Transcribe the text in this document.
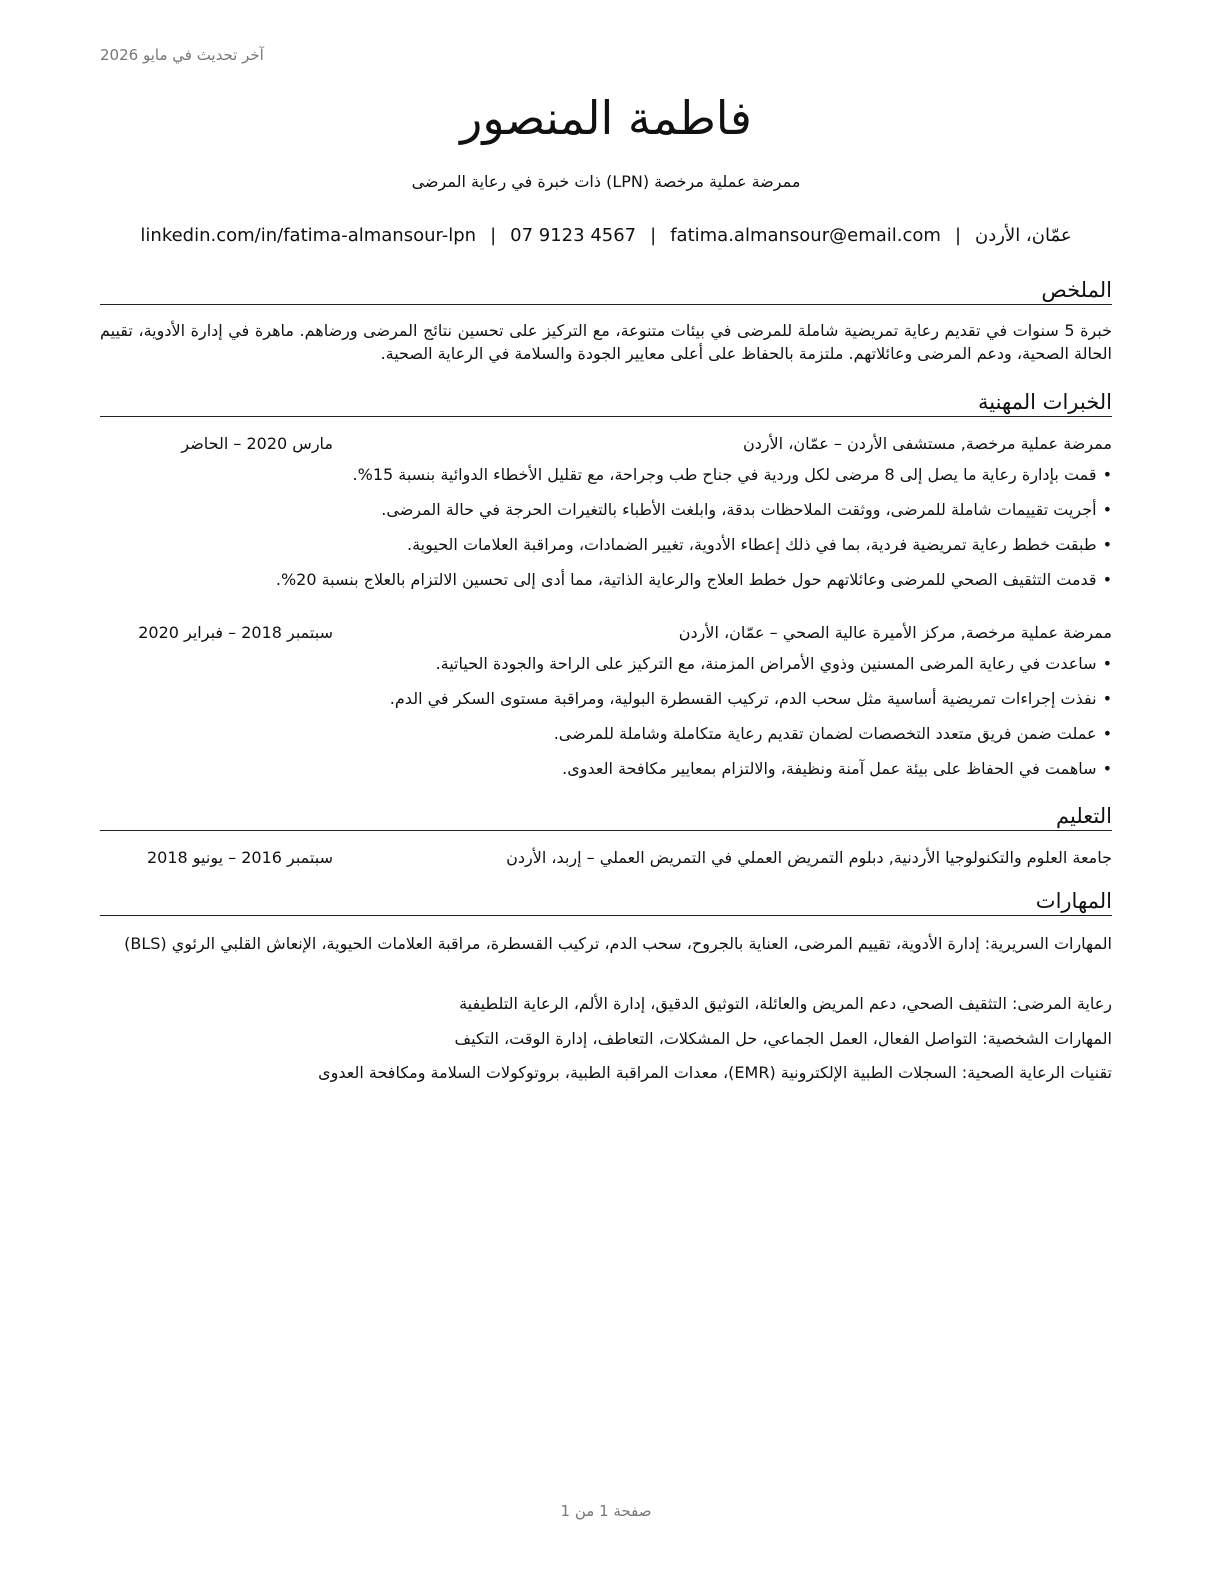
آخر تحديث في مايو 2026
فاطمة المنصور
ممرضة عملية مرخصة (LPN) ذات خبرة في رعاية المرضى
عمّان، الأردن|fatima.almansour@email.com|07 9123 4567|linkedin.com/in/fatima-almansour-lpn
الملخص
خبرة 5 سنوات في تقديم رعاية تمريضية شاملة للمرضى في بيئات متنوعة، مع التركيز على تحسين نتائج المرضى ورضاهم. ماهرة في إدارة الأدوية، تقييم الحالة الصحية، ودعم المرضى وعائلاتهم. ملتزمة بالحفاظ على أعلى معايير الجودة والسلامة في الرعاية الصحية.
الخبرات المهنية
ممرضة عملية مرخصة, مستشفى الأردن – عمّان، الأردن
مارس 2020 – الحاضر
•قمت بإدارة رعاية ما يصل إلى 8 مرضى لكل وردية في جناح طب وجراحة، مع تقليل الأخطاء الدوائية بنسبة 15%.
•أجريت تقييمات شاملة للمرضى، ووثقت الملاحظات بدقة، وابلغت الأطباء بالتغيرات الحرجة في حالة المرضى.
•طبقت خطط رعاية تمريضية فردية، بما في ذلك إعطاء الأدوية، تغيير الضمادات، ومراقبة العلامات الحيوية.
•قدمت التثقيف الصحي للمرضى وعائلاتهم حول خطط العلاج والرعاية الذاتية، مما أدى إلى تحسين الالتزام بالعلاج بنسبة 20%.
ممرضة عملية مرخصة, مركز الأميرة عالية الصحي – عمّان، الأردن
سبتمبر 2018 – فبراير 2020
•ساعدت في رعاية المرضى المسنين وذوي الأمراض المزمنة، مع التركيز على الراحة والجودة الحياتية.
•نفذت إجراءات تمريضية أساسية مثل سحب الدم، تركيب القسطرة البولية، ومراقبة مستوى السكر في الدم.
•عملت ضمن فريق متعدد التخصصات لضمان تقديم رعاية متكاملة وشاملة للمرضى.
•ساهمت في الحفاظ على بيئة عمل آمنة ونظيفة، والالتزام بمعايير مكافحة العدوى.
التعليم
جامعة العلوم والتكنولوجيا الأردنية, دبلوم التمريض العملي في التمريض العملي – إربد، الأردن
سبتمبر 2016 – يونيو 2018
المهارات
المهارات السريرية: إدارة الأدوية، تقييم المرضى، العناية بالجروح، سحب الدم، تركيب القسطرة، مراقبة العلامات الحيوية، الإنعاش القلبي الرئوي (BLS)
رعاية المرضى: التثقيف الصحي، دعم المريض والعائلة، التوثيق الدقيق، إدارة الألم، الرعاية التلطيفية
المهارات الشخصية: التواصل الفعال، العمل الجماعي، حل المشكلات، التعاطف، إدارة الوقت، التكيف
تقنيات الرعاية الصحية: السجلات الطبية الإلكترونية (EMR)، معدات المراقبة الطبية، بروتوكولات السلامة ومكافحة العدوى
صفحة 1 من 1
